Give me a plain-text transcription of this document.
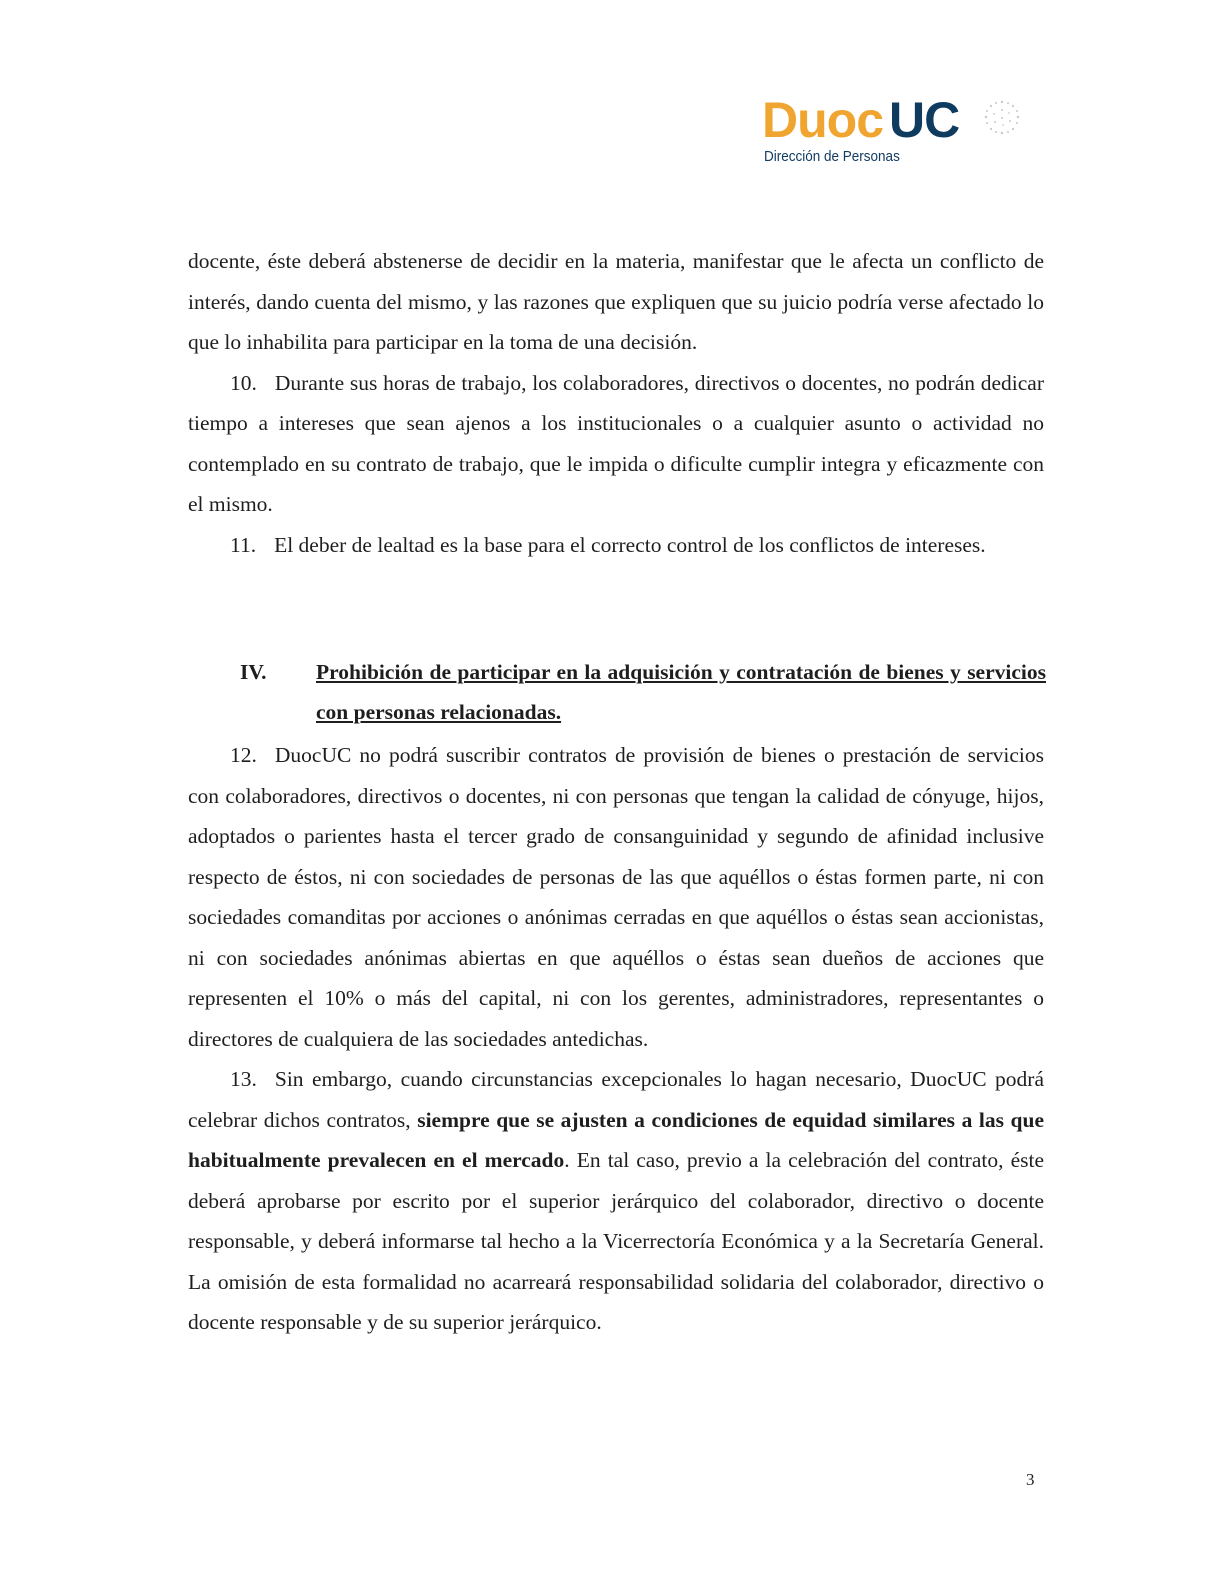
Duoc UC
Dirección de Personas

docente, éste deberá abstenerse de decidir en la materia, manifestar que le afecta un conflicto de interés, dando cuenta del mismo, y las razones que expliquen que su juicio podría verse afectado lo que lo inhabilita para participar en la toma de una decisión.

10. Durante sus horas de trabajo, los colaboradores, directivos o docentes, no podrán dedicar tiempo a intereses que sean ajenos a los institucionales o a cualquier asunto o actividad no contemplado en su contrato de trabajo, que le impida o dificulte cumplir integra y eficazmente con el mismo.

11. El deber de lealtad es la base para el correcto control de los conflictos de intereses.

IV.	Prohibición de participar en la adquisición y contratación de bienes y servicios con personas relacionadas.

12. DuocUC no podrá suscribir contratos de provisión de bienes o prestación de servicios con colaboradores, directivos o docentes, ni con personas que tengan la calidad de cónyuge, hijos, adoptados o parientes hasta el tercer grado de consanguinidad y segundo de afinidad inclusive respecto de éstos, ni con sociedades de personas de las que aquéllos o éstas formen parte, ni con sociedades comanditas por acciones o anónimas cerradas en que aquéllos o éstas sean accionistas, ni con sociedades anónimas abiertas en que aquéllos o éstas sean dueños de acciones que representen el 10% o más del capital, ni con los gerentes, administradores, representantes o directores de cualquiera de las sociedades antedichas.

13. Sin embargo, cuando circunstancias excepcionales lo hagan necesario, DuocUC podrá celebrar dichos contratos, siempre que se ajusten a condiciones de equidad similares a las que habitualmente prevalecen en el mercado. En tal caso, previo a la celebración del contrato, éste deberá aprobarse por escrito por el superior jerárquico del colaborador, directivo o docente responsable, y deberá informarse tal hecho a la Vicerrectoría Económica y a la Secretaría General. La omisión de esta formalidad no acarreará responsabilidad solidaria del colaborador, directivo o docente responsable y de su superior jerárquico.

3
